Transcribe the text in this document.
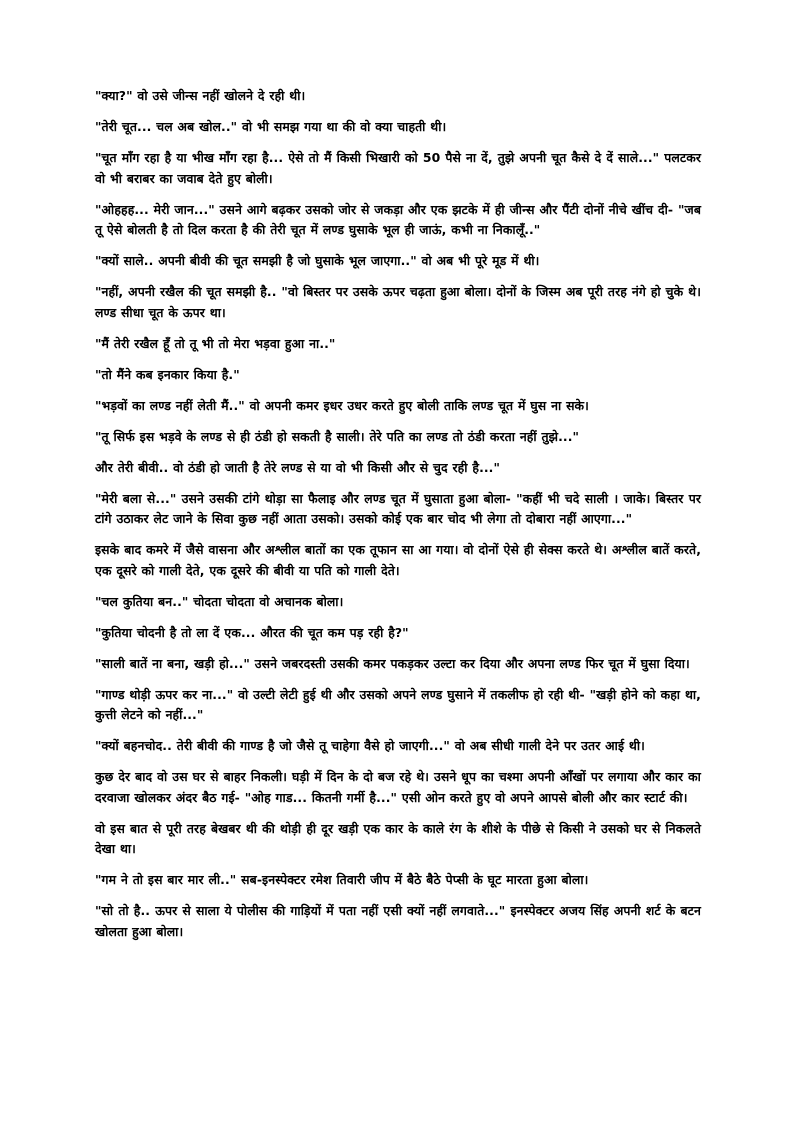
"क्या?" वो उसे जीन्स नहीं खोलने दे रही थी।

"तेरी चूत... चल अब खोल.." वो भी समझ गया था की वो क्या चाहती थी।

"चूत माँग रहा है या भीख माँग रहा है... ऐसे तो मैं किसी भिखारी को 50 पैसे ना दें, तुझे अपनी चूत कैसे दे दें साले..." पलटकर वो भी बराबर का जवाब देते हुए बोली।

"ओहहह... मेरी जान..." उसने आगे बढ़कर उसको जोर से जकड़ा और एक झटके में ही जीन्स और पैंटी दोनों नीचे खींच दी- "जब तू ऐसे बोलती है तो दिल करता है की तेरी चूत में लण्ड घुसाके भूल ही जाऊं, कभी ना निकालूँ.."

"क्यों साले.. अपनी बीवी की चूत समझी है जो घुसाके भूल जाएगा.." वो अब भी पूरे मूड में थी।

"नहीं, अपनी रखैल की चूत समझी है.. "वो बिस्तर पर उसके ऊपर चढ़ता हुआ बोला। दोनों के जिस्म अब पूरी तरह नंगे हो चुके थे। लण्ड सीधा चूत के ऊपर था।

"मैं तेरी रखैल हूँ तो तू भी तो मेरा भड़वा हुआ ना.."

"तो मैंने कब इनकार किया है."

"भड़वों का लण्ड नहीं लेती मैं.." वो अपनी कमर इधर उधर करते हुए बोली ताकि लण्ड चूत में घुस ना सके।

"तू सिर्फ इस भड़वे के लण्ड से ही ठंडी हो सकती है साली। तेरे पति का लण्ड तो ठंडी करता नहीं तुझे..."

और तेरी बीवी.. वो ठंडी हो जाती है तेरे लण्ड से या वो भी किसी और से चुद रही है..."

"मेरी बला से..." उसने उसकी टांगे थोड़ा सा फैलाइ और लण्ड चूत में घुसाता हुआ बोला- "कहीं भी चदे साली । जाके। बिस्तर पर टांगे उठाकर लेट जाने के सिवा कुछ नहीं आता उसको। उसको कोई एक बार चोद भी लेगा तो दोबारा नहीं आएगा..."

इसके बाद कमरे में जैसे वासना और अश्लील बातों का एक तूफान सा आ गया। वो दोनों ऐसे ही सेक्स करते थे। अश्लील बातें करते, एक दूसरे को गाली देते, एक दूसरे की बीवी या पति को गाली देते।

"चल कुतिया बन.." चोदता चोदता वो अचानक बोला।

"कुतिया चोदनी है तो ला दें एक... औरत की चूत कम पड़ रही है?"

"साली बातें ना बना, खड़ी हो..." उसने जबरदस्ती उसकी कमर पकड़कर उल्टा कर दिया और अपना लण्ड फिर चूत में घुसा दिया।

"गाण्ड थोड़ी ऊपर कर ना..." वो उल्टी लेटी हुई थी और उसको अपने लण्ड घुसाने में तकलीफ हो रही थी- "खड़ी होने को कहा था, कुत्ती लेटने को नहीं..."

"क्यों बहनचोद.. तेरी बीवी की गाण्ड है जो जैसे तू चाहेगा वैसे हो जाएगी..." वो अब सीधी गाली देने पर उतर आई थी।

कुछ देर बाद वो उस घर से बाहर निकली। घड़ी में दिन के दो बज रहे थे। उसने धूप का चश्मा अपनी आँखों पर लगाया और कार का दरवाजा खोलकर अंदर बैठ गई- "ओह गाड... कितनी गर्मी है..." एसी ओन करते हुए वो अपने आपसे बोली और कार स्टार्ट की।

वो इस बात से पूरी तरह बेखबर थी की थोड़ी ही दूर खड़ी एक कार के काले रंग के शीशे के पीछे से किसी ने उसको घर से निकलते देखा था।

"गम ने तो इस बार मार ली.." सब-इनस्पेक्टर रमेश तिवारी जीप में बैठे बैठे पेप्सी के घूट मारता हुआ बोला।

"सो तो है.. ऊपर से साला ये पोलीस की गाड़ियों में पता नहीं एसी क्यों नहीं लगवाते..." इनस्पेक्टर अजय सिंह अपनी शर्ट के बटन खोलता हुआ बोला।
